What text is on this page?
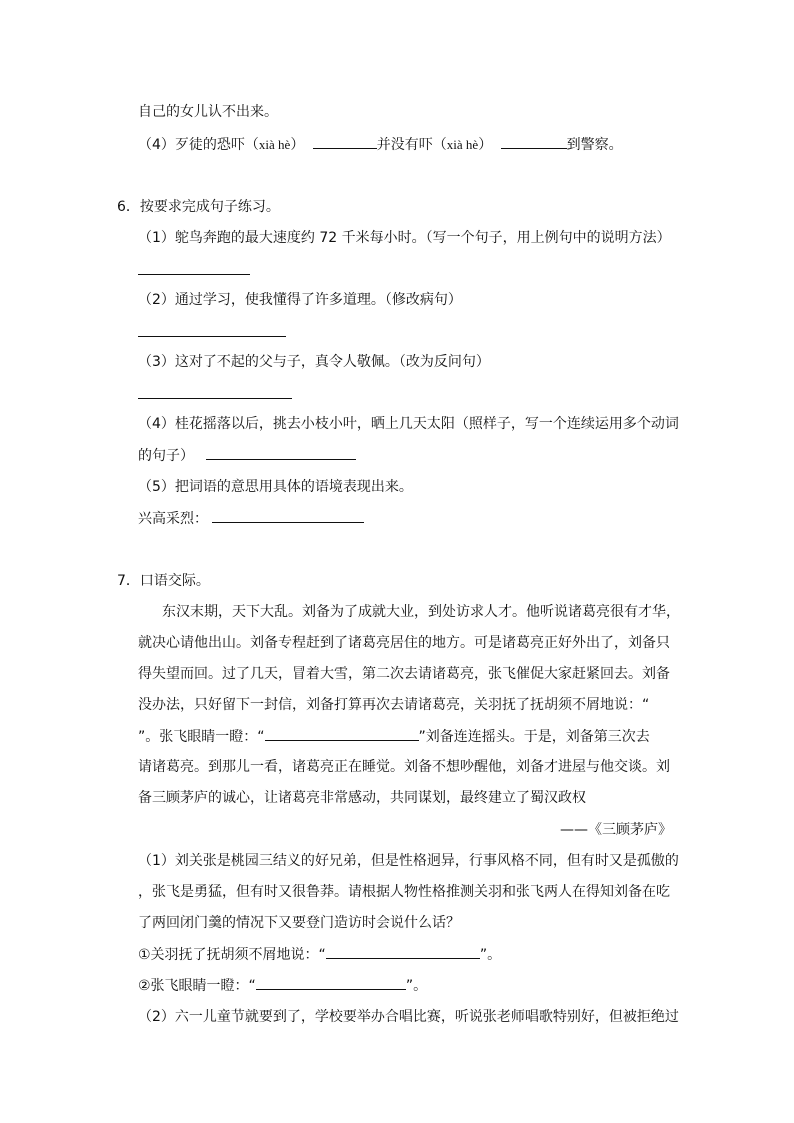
自己的女儿认不出来。
（4）歹徒的恐吓（xià hè）	并没有吓（xià hè）	到警察。
6．按要求完成句子练习。
（1）鸵鸟奔跑的最大速度约 72 千米每小时。（写一个句子，用上例句中的说明方法）
（2）通过学习，使我懂得了许多道理。（修改病句）
（3）这对了不起的父与子，真令人敬佩。（改为反问句）
（4）桂花摇落以后，挑去小枝小叶，晒上几天太阳（照样子，写一个连续运用多个动词
的句子）
（5）把词语的意思用具体的语境表现出来。
兴高采烈：
7．口语交际。
东汉末期，天下大乱。刘备为了成就大业，到处访求人才。他听说诸葛亮很有才华，
就决心请他出山。刘备专程赶到了诸葛亮居住的地方。可是诸葛亮正好外出了，刘备只
得失望而回。过了几天，冒着大雪，第二次去请诸葛亮，张飞催促大家赶紧回去。刘备
没办法，只好留下一封信，刘备打算再次去请诸葛亮，关羽抚了抚胡须不屑地说：“
”。张飞眼睛一瞪：“	”刘备连连摇头。于是，刘备第三次去
请诸葛亮。到那儿一看，诸葛亮正在睡觉。刘备不想吵醒他，刘备才进屋与他交谈。刘
备三顾茅庐的诚心，让诸葛亮非常感动，共同谋划，最终建立了蜀汉政权
——《三顾茅庐》
（1）刘关张是桃园三结义的好兄弟，但是性格迥异，行事风格不同，但有时又是孤傲的
，张飞是勇猛，但有时又很鲁莽。请根据人物性格推测关羽和张飞两人在得知刘备在吃
了两回闭门羹的情况下又要登门造访时会说什么话？
①关羽抚了抚胡须不屑地说：“	”。
②张飞眼睛一瞪：“	”。
（2）六一儿童节就要到了，学校要举办合唱比赛，听说张老师唱歌特别好，但被拒绝过
